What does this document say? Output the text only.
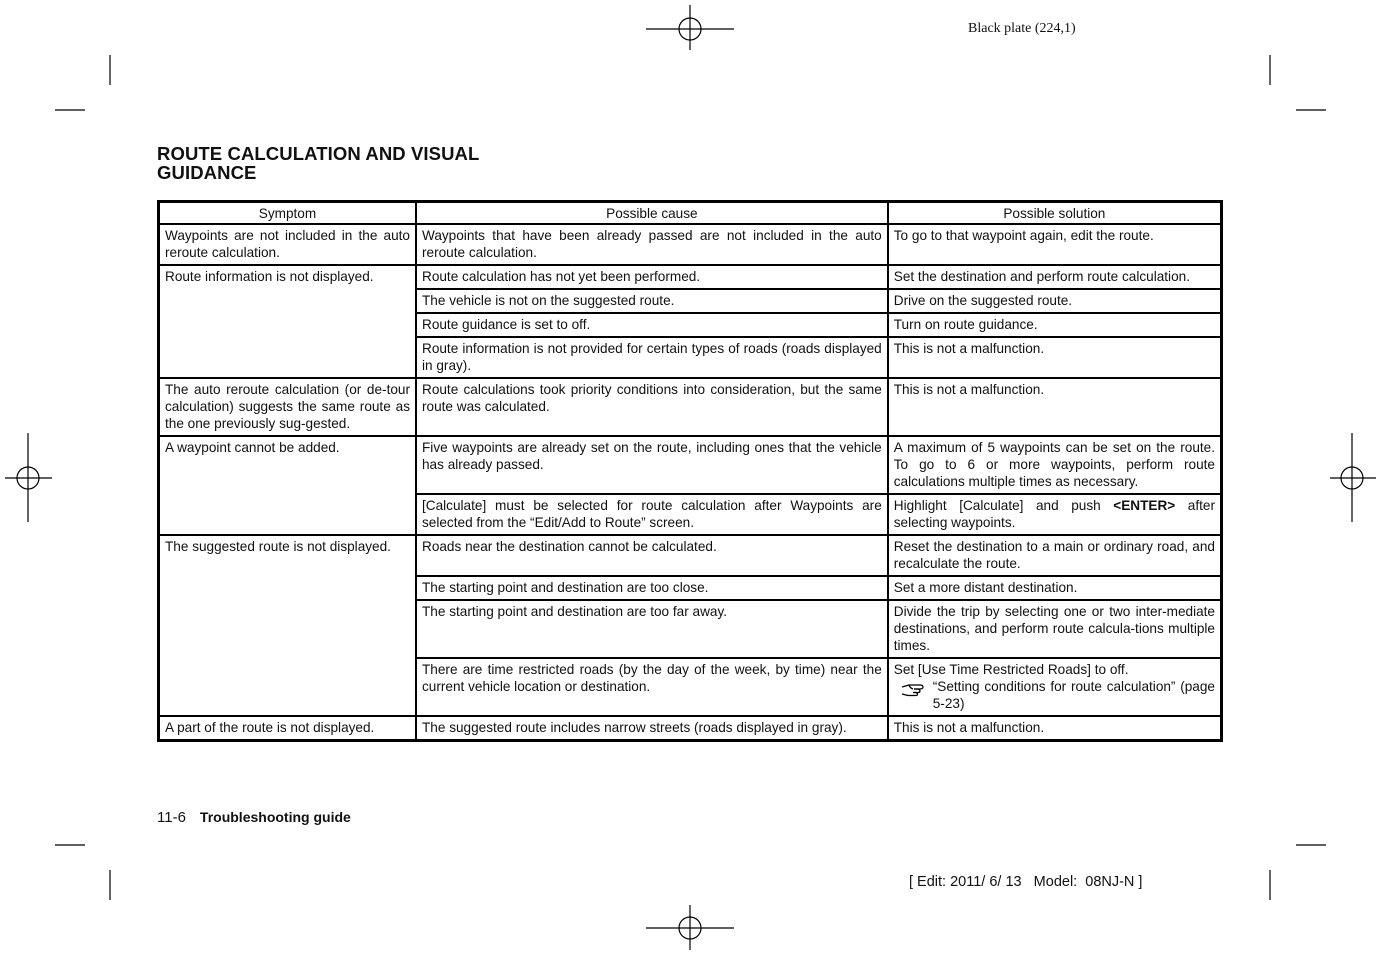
Black plate (224,1)
ROUTE CALCULATION AND VISUAL
GUIDANCE
Symptom	Possible cause	Possible solution
Waypoints are not included in the auto reroute calculation.	Waypoints that have been already passed are not included in the auto reroute calculation.	To go to that waypoint again, edit the route.
Route information is not displayed.	Route calculation has not yet been performed.	Set the destination and perform route calculation.
	The vehicle is not on the suggested route.	Drive on the suggested route.
	Route guidance is set to off.	Turn on route guidance.
	Route information is not provided for certain types of roads (roads displayed in gray).	This is not a malfunction.
The auto reroute calculation (or de-tour calculation) suggests the same route as the one previously sug-gested.	Route calculations took priority conditions into consideration, but the same route was calculated.	This is not a malfunction.
A waypoint cannot be added.	Five waypoints are already set on the route, including ones that the vehicle has already passed.	A maximum of 5 waypoints can be set on the route. To go to 6 or more waypoints, perform route calculations multiple times as necessary.
	[Calculate] must be selected for route calculation after Waypoints are selected from the “Edit/Add to Route” screen.	Highlight [Calculate] and push <ENTER> after selecting waypoints.
The suggested route is not displayed.	Roads near the destination cannot be calculated.	Reset the destination to a main or ordinary road, and recalculate the route.
	The starting point and destination are too close.	Set a more distant destination.
	The starting point and destination are too far away.	Divide the trip by selecting one or two inter-mediate destinations, and perform route calcula-tions multiple times.
	There are time restricted roads (by the day of the week, by time) near the current vehicle location or destination.	Set [Use Time Restricted Roads] to off.
“Setting conditions for route calculation” (page 5-23)

A part of the route is not displayed.	The suggested route includes narrow streets (roads displayed in gray).	This is not a malfunction.
11-6 Troubleshooting guide
[ Edit: 2011/ 6/ 13   Model:  08NJ-N ]
